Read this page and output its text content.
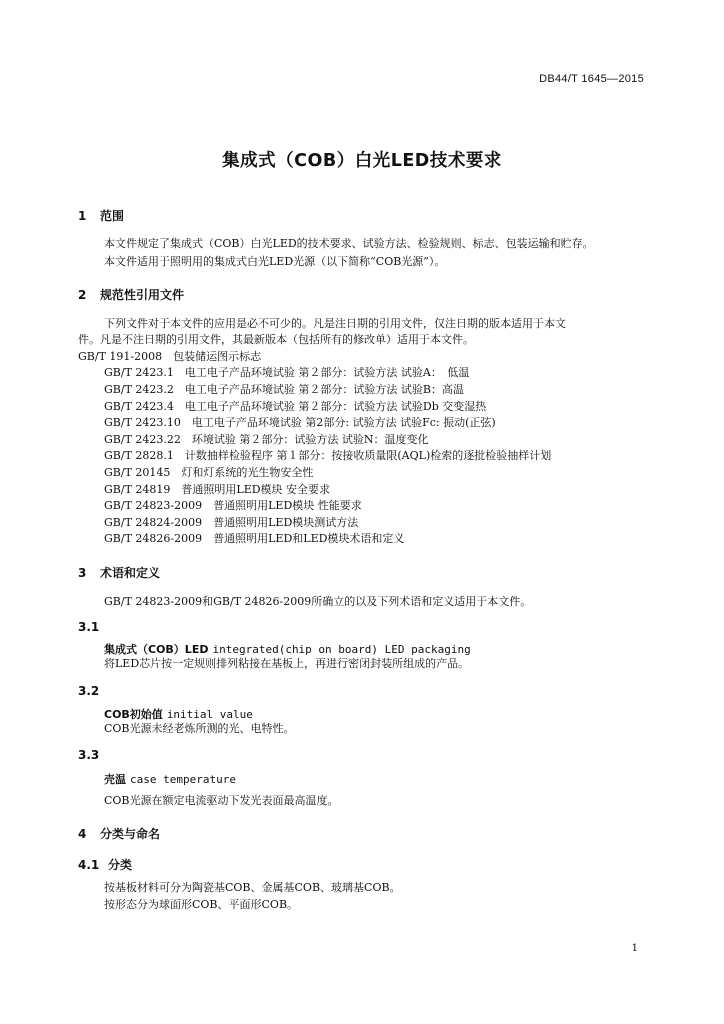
DB44/T 1645—2015
集成式（COB）白光LED技术要求
1 范围
本文件规定了集成式（COB）白光LED的技术要求、试验方法、检验规则、标志、包装运输和贮存。
本文件适用于照明用的集成式白光LED光源（以下简称“COB光源”）。
2 规范性引用文件
下列文件对于本文件的应用是必不可少的。凡是注日期的引用文件，仅注日期的版本适用于本文
件。凡是不注日期的引用文件，其最新版本（包括所有的修改单）适用于本文件。
GB/T 191-2008　包装储运图示标志
GB/T 2423.1　电工电子产品环境试验 第２部分：试验方法 试验A：　低温
GB/T 2423.2　电工电子产品环境试验 第２部分：试验方法 试验B：高温
GB/T 2423.4　电工电子产品环境试验 第２部分：试验方法 试验Db 交变湿热
GB/T 2423.10　电工电子产品环境试验 第2部分: 试验方法 试验Fc: 振动(正弦)
GB/T 2423.22　环境试验 第２部分：试验方法 试验N：温度变化
GB/T 2828.1　计数抽样检验程序 第１部分：按接收质量限(AQL)检索的逐批检验抽样计划
GB/T 20145　灯和灯系统的光生物安全性
GB/T 24819　普通照明用LED模块 安全要求
GB/T 24823-2009　普通照明用LED模块 性能要求
GB/T 24824-2009　普通照明用LED模块测试方法
GB/T 24826-2009　普通照明用LED和LED模块术语和定义
3 术语和定义
GB/T 24823-2009和GB/T 24826-2009所确立的以及下列术语和定义适用于本文件。
3.1
集成式（COB）LED integrated(chip on board) LED packaging
将LED芯片按一定规则排列粘接在基板上，再进行密闭封装所组成的产品。
3.2
COB初始值 initial value
COB光源未经老炼所测的光、电特性。
3.3
壳温 case temperature
COB光源在额定电流驱动下发光表面最高温度。
4 分类与命名
4.1 分类
按基板材料可分为陶瓷基COB、金属基COB、玻璃基COB。
按形态分为球面形COB、平面形COB。
1
